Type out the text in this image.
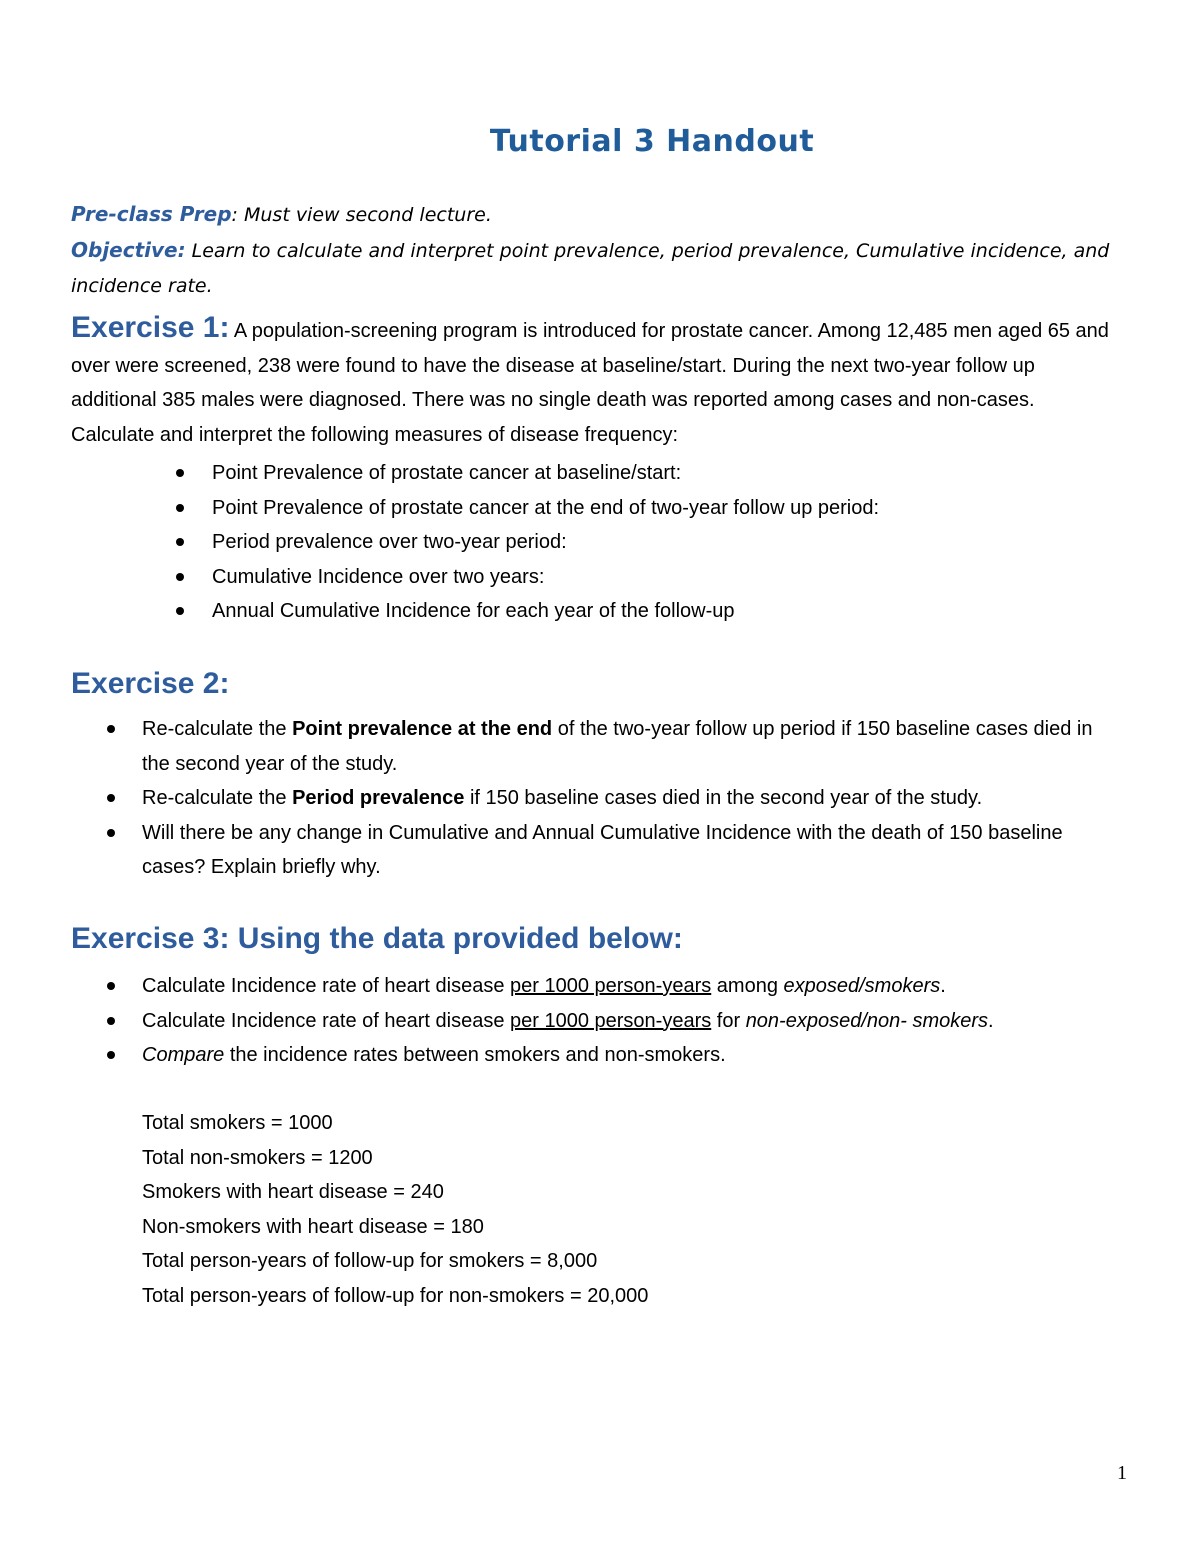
Tutorial 3 Handout
Pre-class Prep: Must view second lecture.
Objective: Learn to calculate and interpret point prevalence, period prevalence, Cumulative incidence, and incidence rate.
Exercise 1: A population-screening program is introduced for prostate cancer. Among 12,485 men aged 65 and over were screened, 238 were found to have the disease at baseline/start. During the next two-year follow up additional 385 males were diagnosed. There was no single death was reported among cases and non-cases. Calculate and interpret the following measures of disease frequency:
Point Prevalence of prostate cancer at baseline/start:
Point Prevalence of prostate cancer at the end of two-year follow up period:
Period prevalence over two-year period:
Cumulative Incidence over two years:
Annual Cumulative Incidence for each year of the follow-up
Exercise 2:
Re-calculate the Point prevalence at the end of the two-year follow up period if 150 baseline cases died in the second year of the study.
Re-calculate the Period prevalence if 150 baseline cases died in the second year of the study.
Will there be any change in Cumulative and Annual Cumulative Incidence with the death of 150 baseline cases? Explain briefly why.
Exercise 3: Using the data provided below:
Calculate Incidence rate of heart disease per 1000 person-years among exposed/smokers.
Calculate Incidence rate of heart disease per 1000 person-years for non-exposed/non- smokers.
Compare the incidence rates between smokers and non-smokers.
Total smokers = 1000
Total non-smokers = 1200
Smokers with heart disease = 240
Non-smokers with heart disease = 180
Total person-years of follow-up for smokers = 8,000
Total person-years of follow-up for non-smokers = 20,000
1
